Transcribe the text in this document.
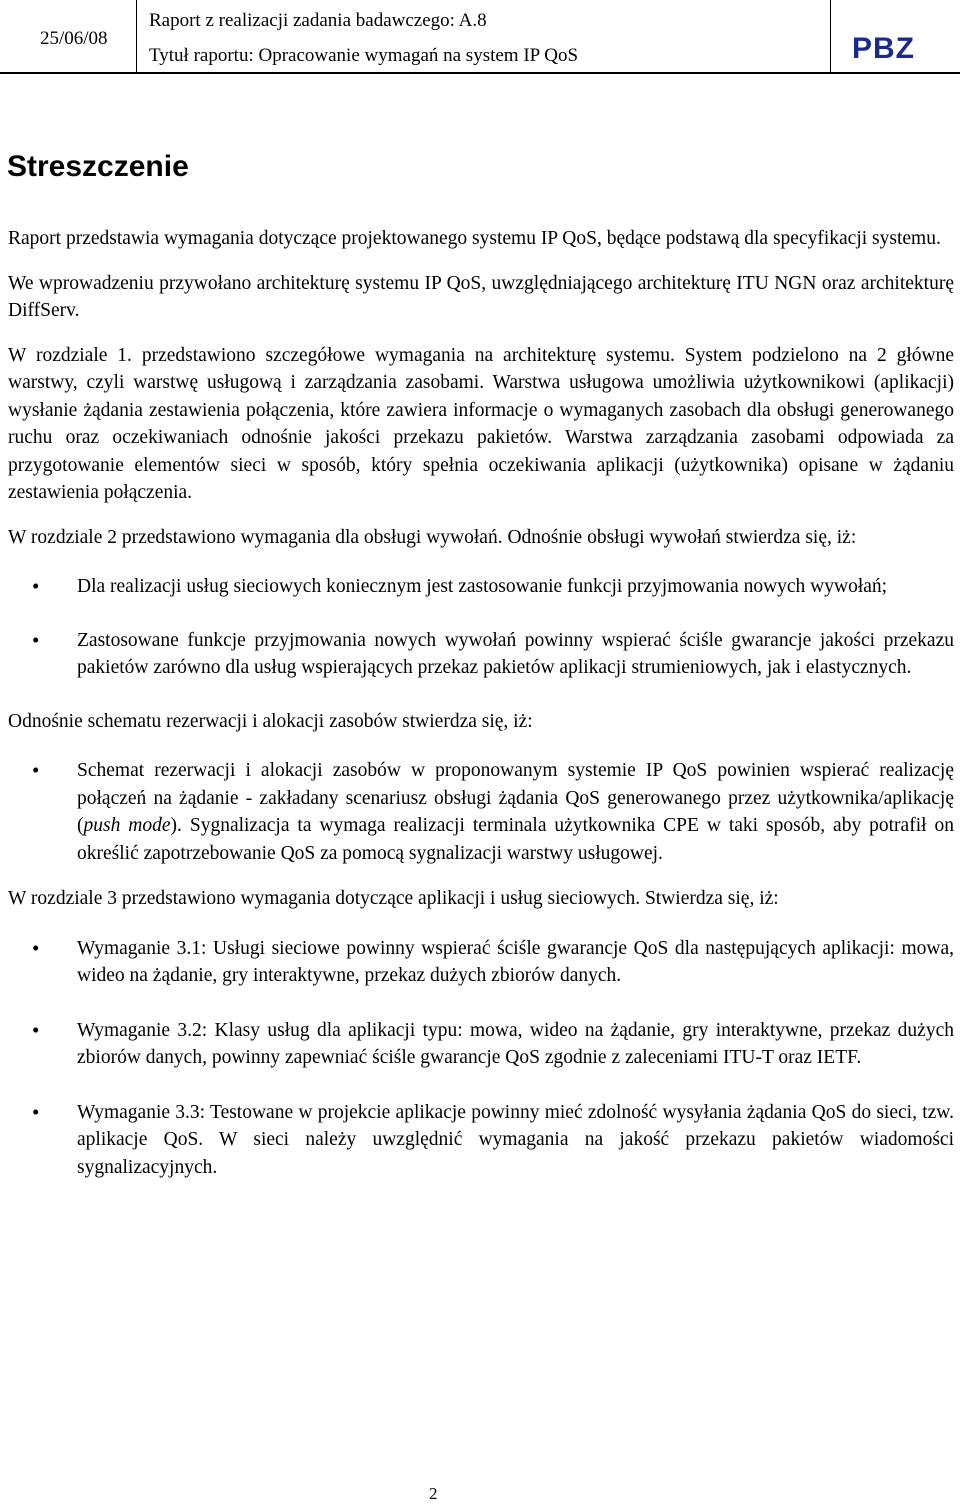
25/06/08
Raport z realizacji zadania badawczego: A.8
Tytuł raportu: Opracowanie wymagań na system IP QoS	PBZ
Streszczenie

Raport przedstawia wymagania dotyczące projektowanego systemu IP QoS, będące podstawą dla specyfikacji systemu.

We wprowadzeniu przywołano architekturę systemu IP QoS, uwzględniającego architekturę ITU NGN oraz architekturę DiffServ.

W rozdziale 1. przedstawiono szczegółowe wymagania na architekturę systemu. System podzielono na 2 główne warstwy, czyli warstwę usługową i zarządzania zasobami. Warstwa usługowa umożliwia użytkownikowi (aplikacji) wysłanie żądania zestawienia połączenia, które zawiera informacje o wymaganych zasobach dla obsługi generowanego ruchu oraz oczekiwaniach odnośnie jakości przekazu pakietów. Warstwa zarządzania zasobami odpowiada za przygotowanie elementów sieci w sposób, który spełnia oczekiwania aplikacji (użytkownika) opisane w żądaniu zestawienia połączenia.

W rozdziale 2 przedstawiono wymagania dla obsługi wywołań. Odnośnie obsługi wywołań stwierdza się, iż:

• Dla realizacji usług sieciowych koniecznym jest zastosowanie funkcji przyjmowania nowych wywołań;
• Zastosowane funkcje przyjmowania nowych wywołań powinny wspierać ściśle gwarancje jakości przekazu pakietów zarówno dla usług wspierających przekaz pakietów aplikacji strumieniowych, jak i elastycznych.

Odnośnie schematu rezerwacji i alokacji zasobów stwierdza się, iż:

• Schemat rezerwacji i alokacji zasobów w proponowanym systemie IP QoS powinien wspierać realizację połączeń na żądanie - zakładany scenariusz obsługi żądania QoS generowanego przez użytkownika/aplikację (push mode). Sygnalizacja ta wymaga realizacji terminala użytkownika CPE w taki sposób, aby potrafił on określić zapotrzebowanie QoS za pomocą sygnalizacji warstwy usługowej.

W rozdziale 3 przedstawiono wymagania dotyczące aplikacji i usług sieciowych. Stwierdza się, iż:

• Wymaganie 3.1: Usługi sieciowe powinny wspierać ściśle gwarancje QoS dla następujących aplikacji: mowa, wideo na żądanie, gry interaktywne, przekaz dużych zbiorów danych.
• Wymaganie 3.2: Klasy usług dla aplikacji typu: mowa, wideo na żądanie, gry interaktywne, przekaz dużych zbiorów danych, powinny zapewniać ściśle gwarancje QoS zgodnie z zaleceniami ITU-T oraz IETF.
• Wymaganie 3.3: Testowane w projekcie aplikacje powinny mieć zdolność wysyłania żądania QoS do sieci, tzw. aplikacje QoS. W sieci należy uwzględnić wymagania na jakość przekazu pakietów wiadomości sygnalizacyjnych.
2
